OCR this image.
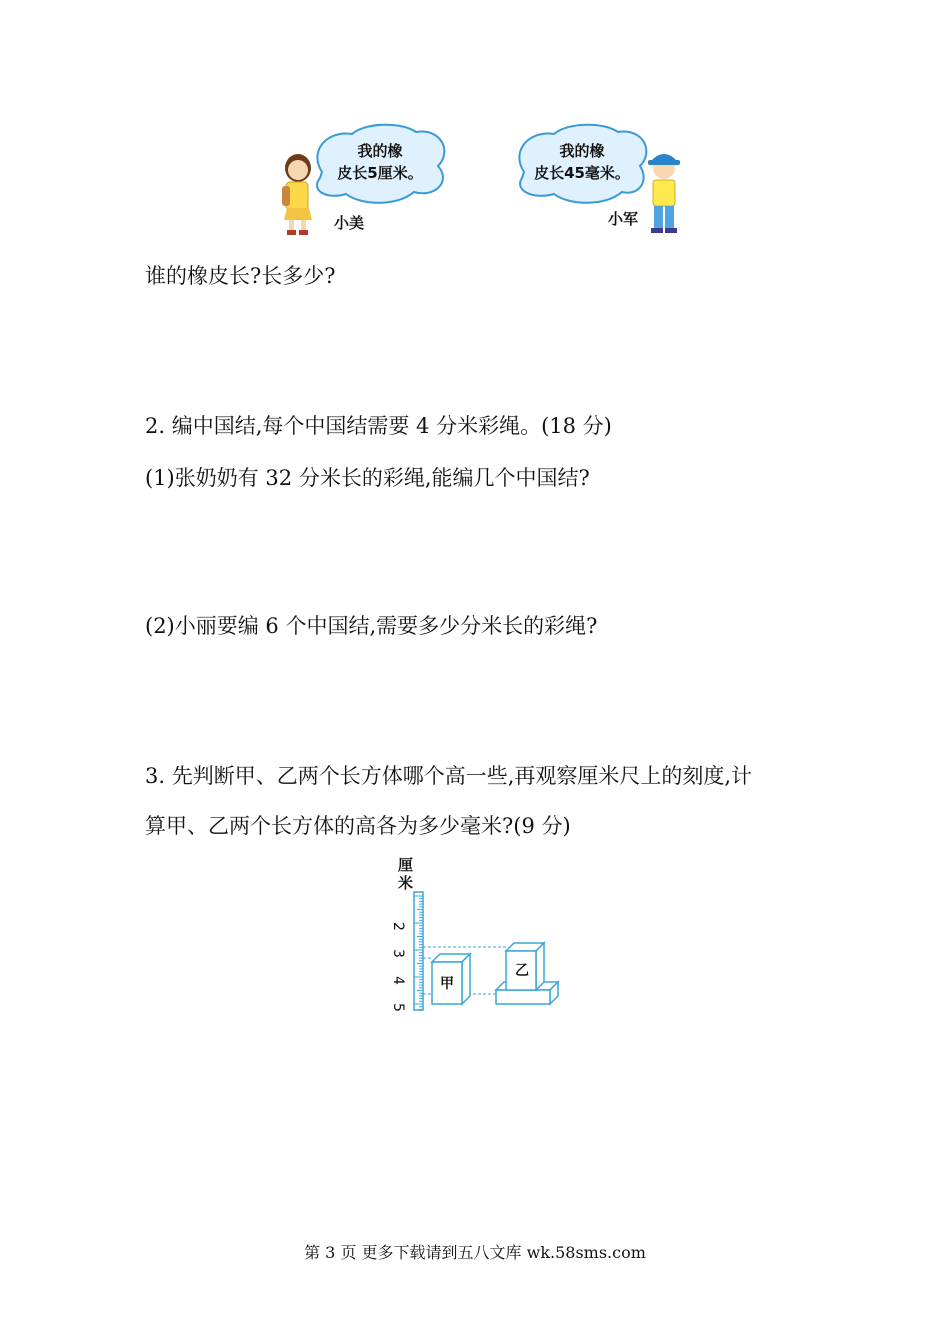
我的橡
皮长5厘米。
小美
我的橡
皮长45毫米。
小军
谁的橡皮长?长多少?
2. 编中国结,每个中国结需要 4 分米彩绳。(18 分)
(1)张奶奶有 32 分米长的彩绳,能编几个中国结?
(2)小丽要编 6 个中国结,需要多少分米长的彩绳?
3. 先判断甲、乙两个长方体哪个高一些,再观察厘米尺上的刻度,计
算甲、乙两个长方体的高各为多少毫米?(9 分)
厘 米
2
3
4
5
甲
乙
第 3 页 更多下载请到五八文库 wk.58sms.com
